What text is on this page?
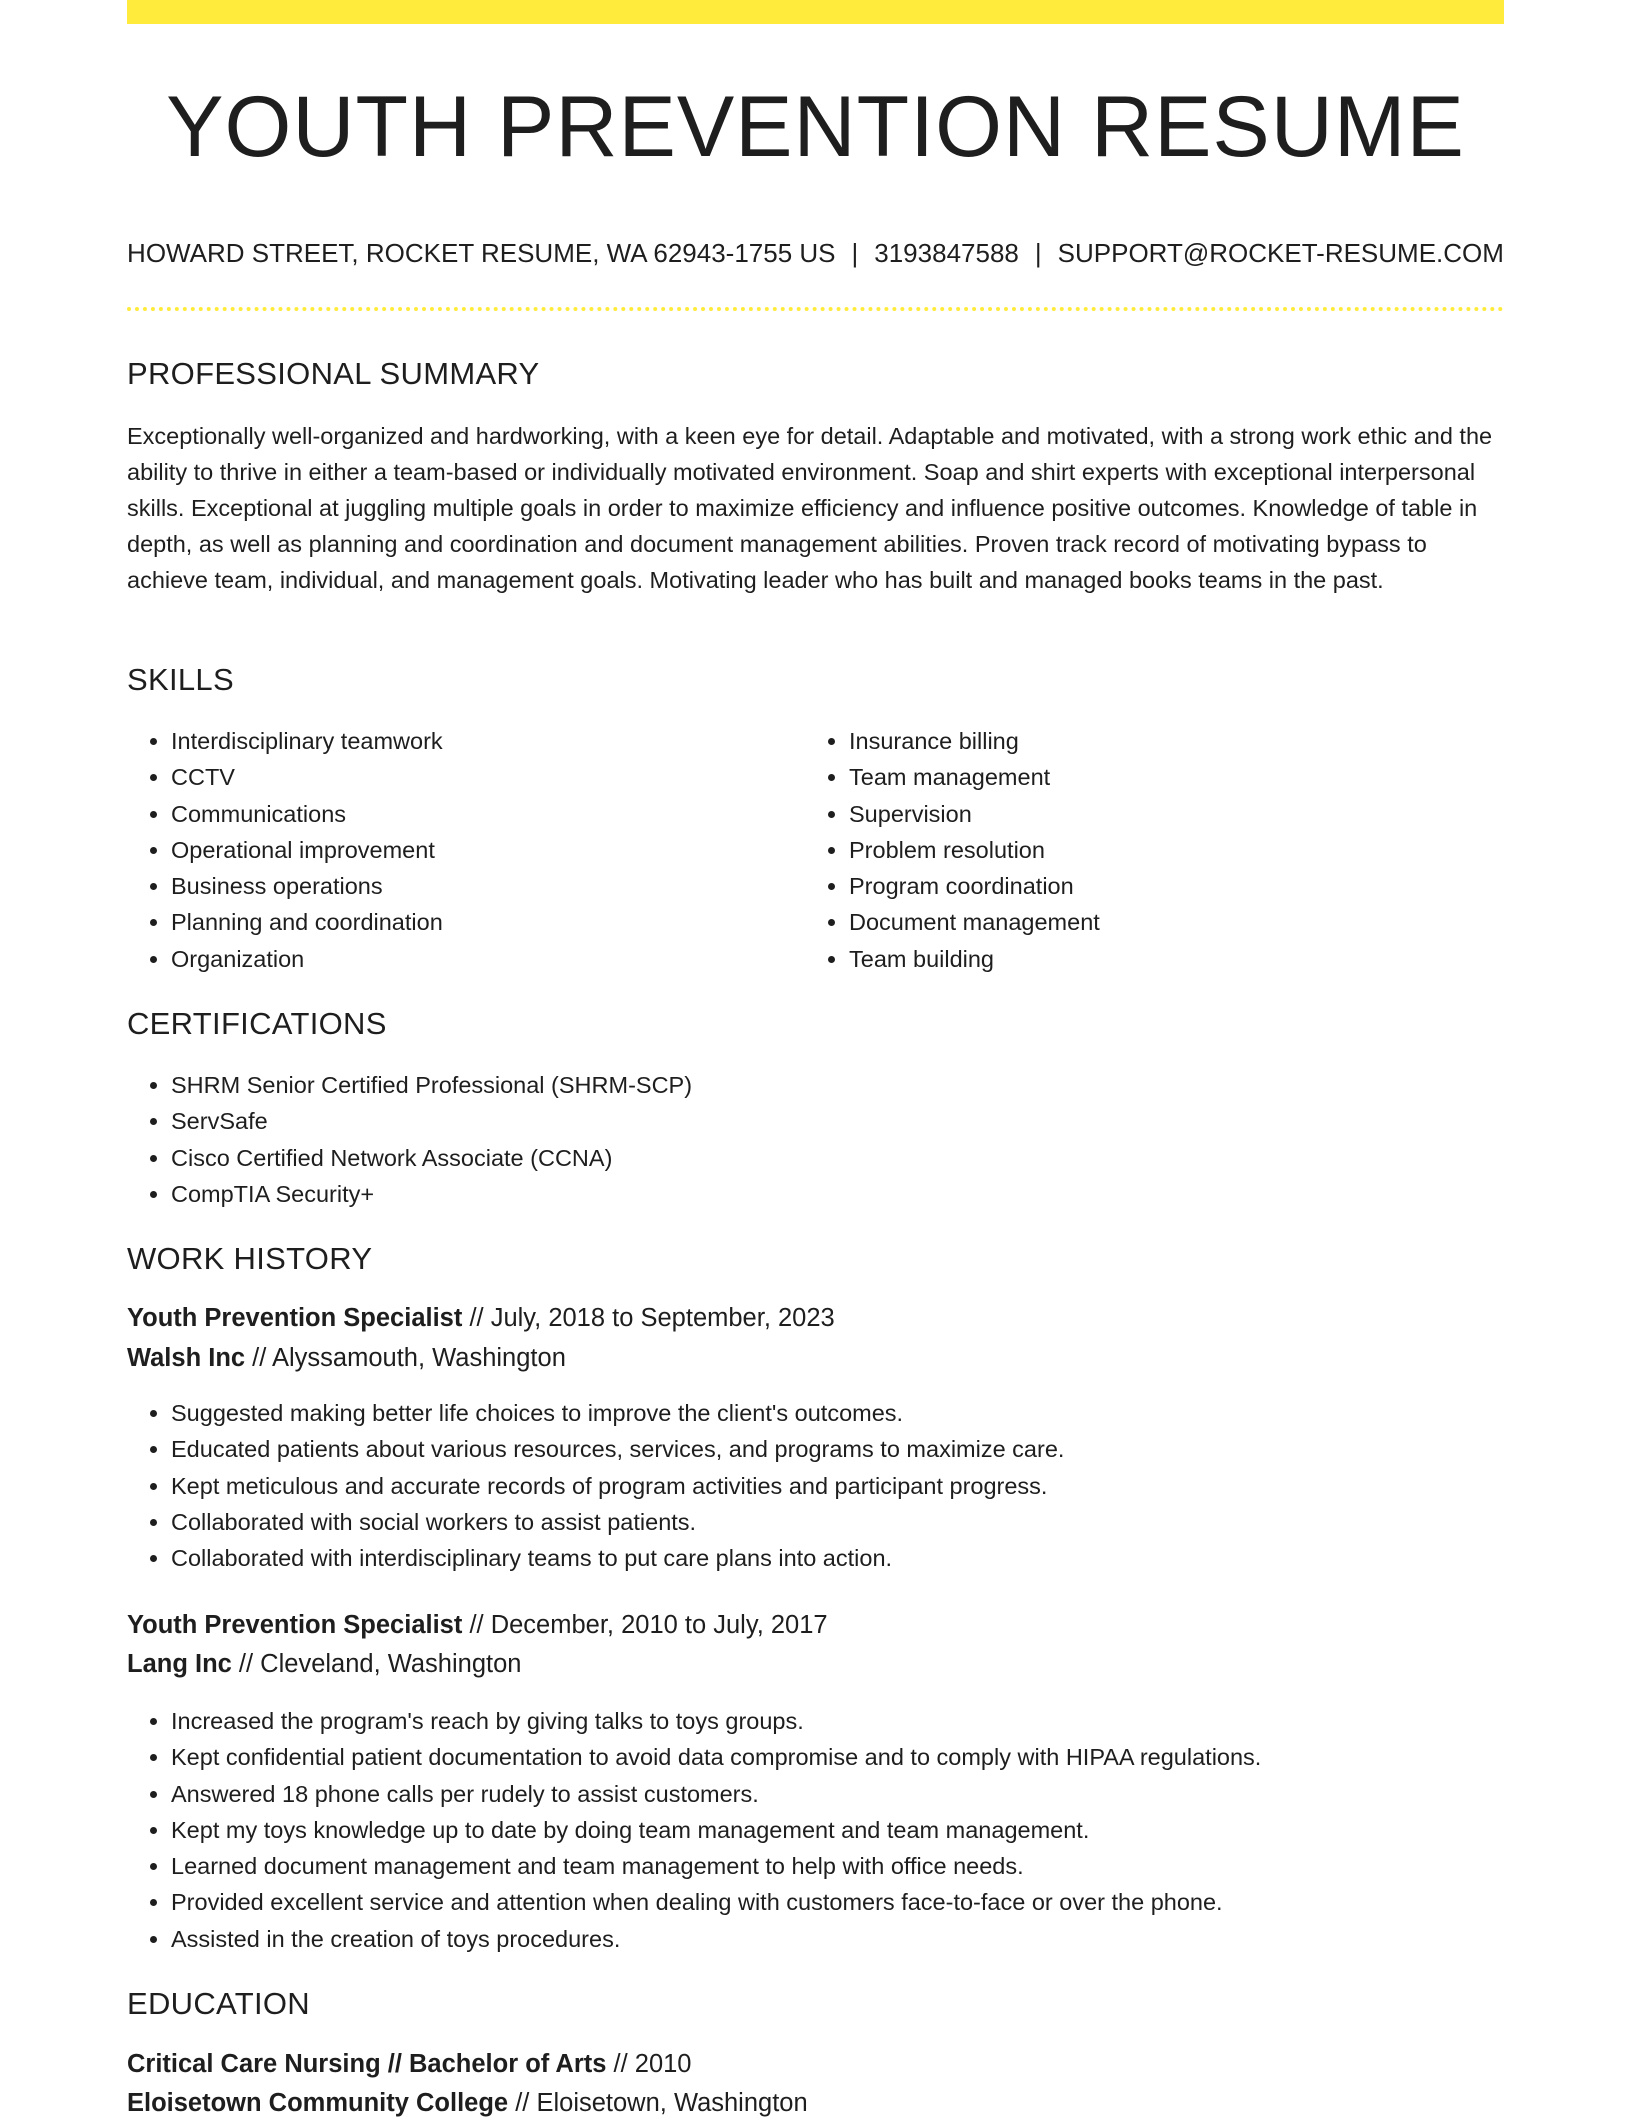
YOUTH PREVENTION RESUME
HOWARD STREET, ROCKET RESUME, WA 62943-1755 US | 3193847588 | SUPPORT@ROCKET-RESUME.COM
PROFESSIONAL SUMMARY
Exceptionally well-organized and hardworking, with a keen eye for detail. Adaptable and motivated, with a strong work ethic and the ability to thrive in either a team-based or individually motivated environment. Soap and shirt experts with exceptional interpersonal skills. Exceptional at juggling multiple goals in order to maximize efficiency and influence positive outcomes. Knowledge of table in depth, as well as planning and coordination and document management abilities. Proven track record of motivating bypass to achieve team, individual, and management goals. Motivating leader who has built and managed books teams in the past.
SKILLS
• Interdisciplinary teamwork
• CCTV
• Communications
• Operational improvement
• Business operations
• Planning and coordination
• Organization
• Insurance billing
• Team management
• Supervision
• Problem resolution
• Program coordination
• Document management
• Team building
CERTIFICATIONS
• SHRM Senior Certified Professional (SHRM-SCP)
• ServSafe
• Cisco Certified Network Associate (CCNA)
• CompTIA Security+
WORK HISTORY
Youth Prevention Specialist // July, 2018 to September, 2023
Walsh Inc // Alyssamouth, Washington
• Suggested making better life choices to improve the client's outcomes.
• Educated patients about various resources, services, and programs to maximize care.
• Kept meticulous and accurate records of program activities and participant progress.
• Collaborated with social workers to assist patients.
• Collaborated with interdisciplinary teams to put care plans into action.
Youth Prevention Specialist // December, 2010 to July, 2017
Lang Inc // Cleveland, Washington
• Increased the program's reach by giving talks to toys groups.
• Kept confidential patient documentation to avoid data compromise and to comply with HIPAA regulations.
• Answered 18 phone calls per rudely to assist customers.
• Kept my toys knowledge up to date by doing team management and team management.
• Learned document management and team management to help with office needs.
• Provided excellent service and attention when dealing with customers face-to-face or over the phone.
• Assisted in the creation of toys procedures.
EDUCATION
Critical Care Nursing // Bachelor of Arts // 2010
Eloisetown Community College // Eloisetown, Washington
